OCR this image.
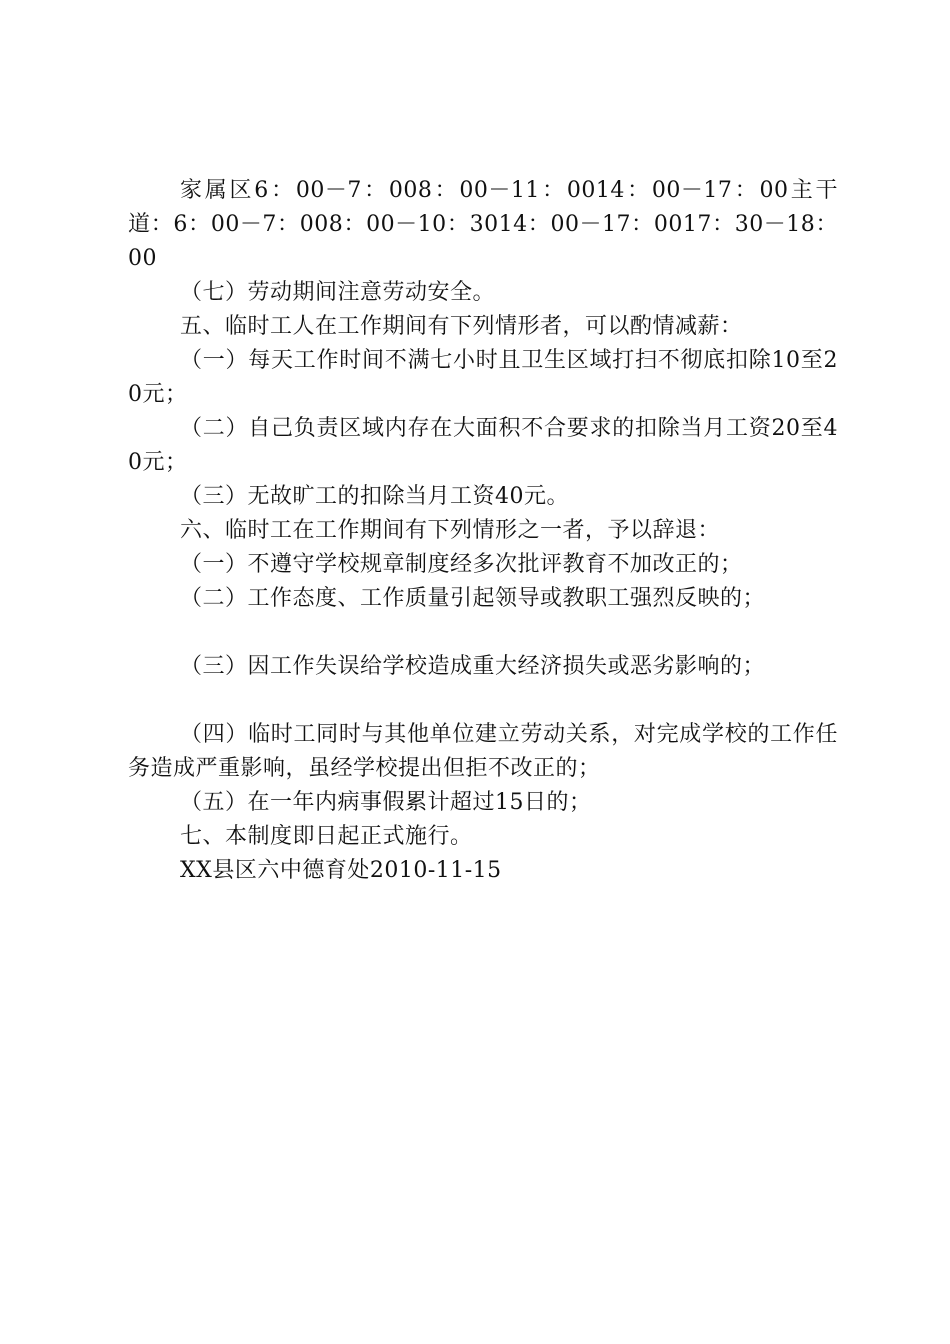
家属区6：00－7：008：00－11：0014：00－17：00主干道：6：00－7：008：00－10：3014：00－17：0017：30－18：00

（七）劳动期间注意劳动安全。

五、临时工人在工作期间有下列情形者，可以酌情减薪：

（一）每天工作时间不满七小时且卫生区域打扫不彻底扣除10至20元；

（二）自己负责区域内存在大面积不合要求的扣除当月工资20至40元；

（三）无故旷工的扣除当月工资40元。

六、临时工在工作期间有下列情形之一者，予以辞退：

（一）不遵守学校规章制度经多次批评教育不加改正的；

（二）工作态度、工作质量引起领导或教职工强烈反映的；

（三）因工作失误给学校造成重大经济损失或恶劣影响的；

（四）临时工同时与其他单位建立劳动关系，对完成学校的工作任务造成严重影响，虽经学校提出但拒不改正的；

（五）在一年内病事假累计超过15日的；

七、本制度即日起正式施行。

XX县区六中德育处2010-11-15
